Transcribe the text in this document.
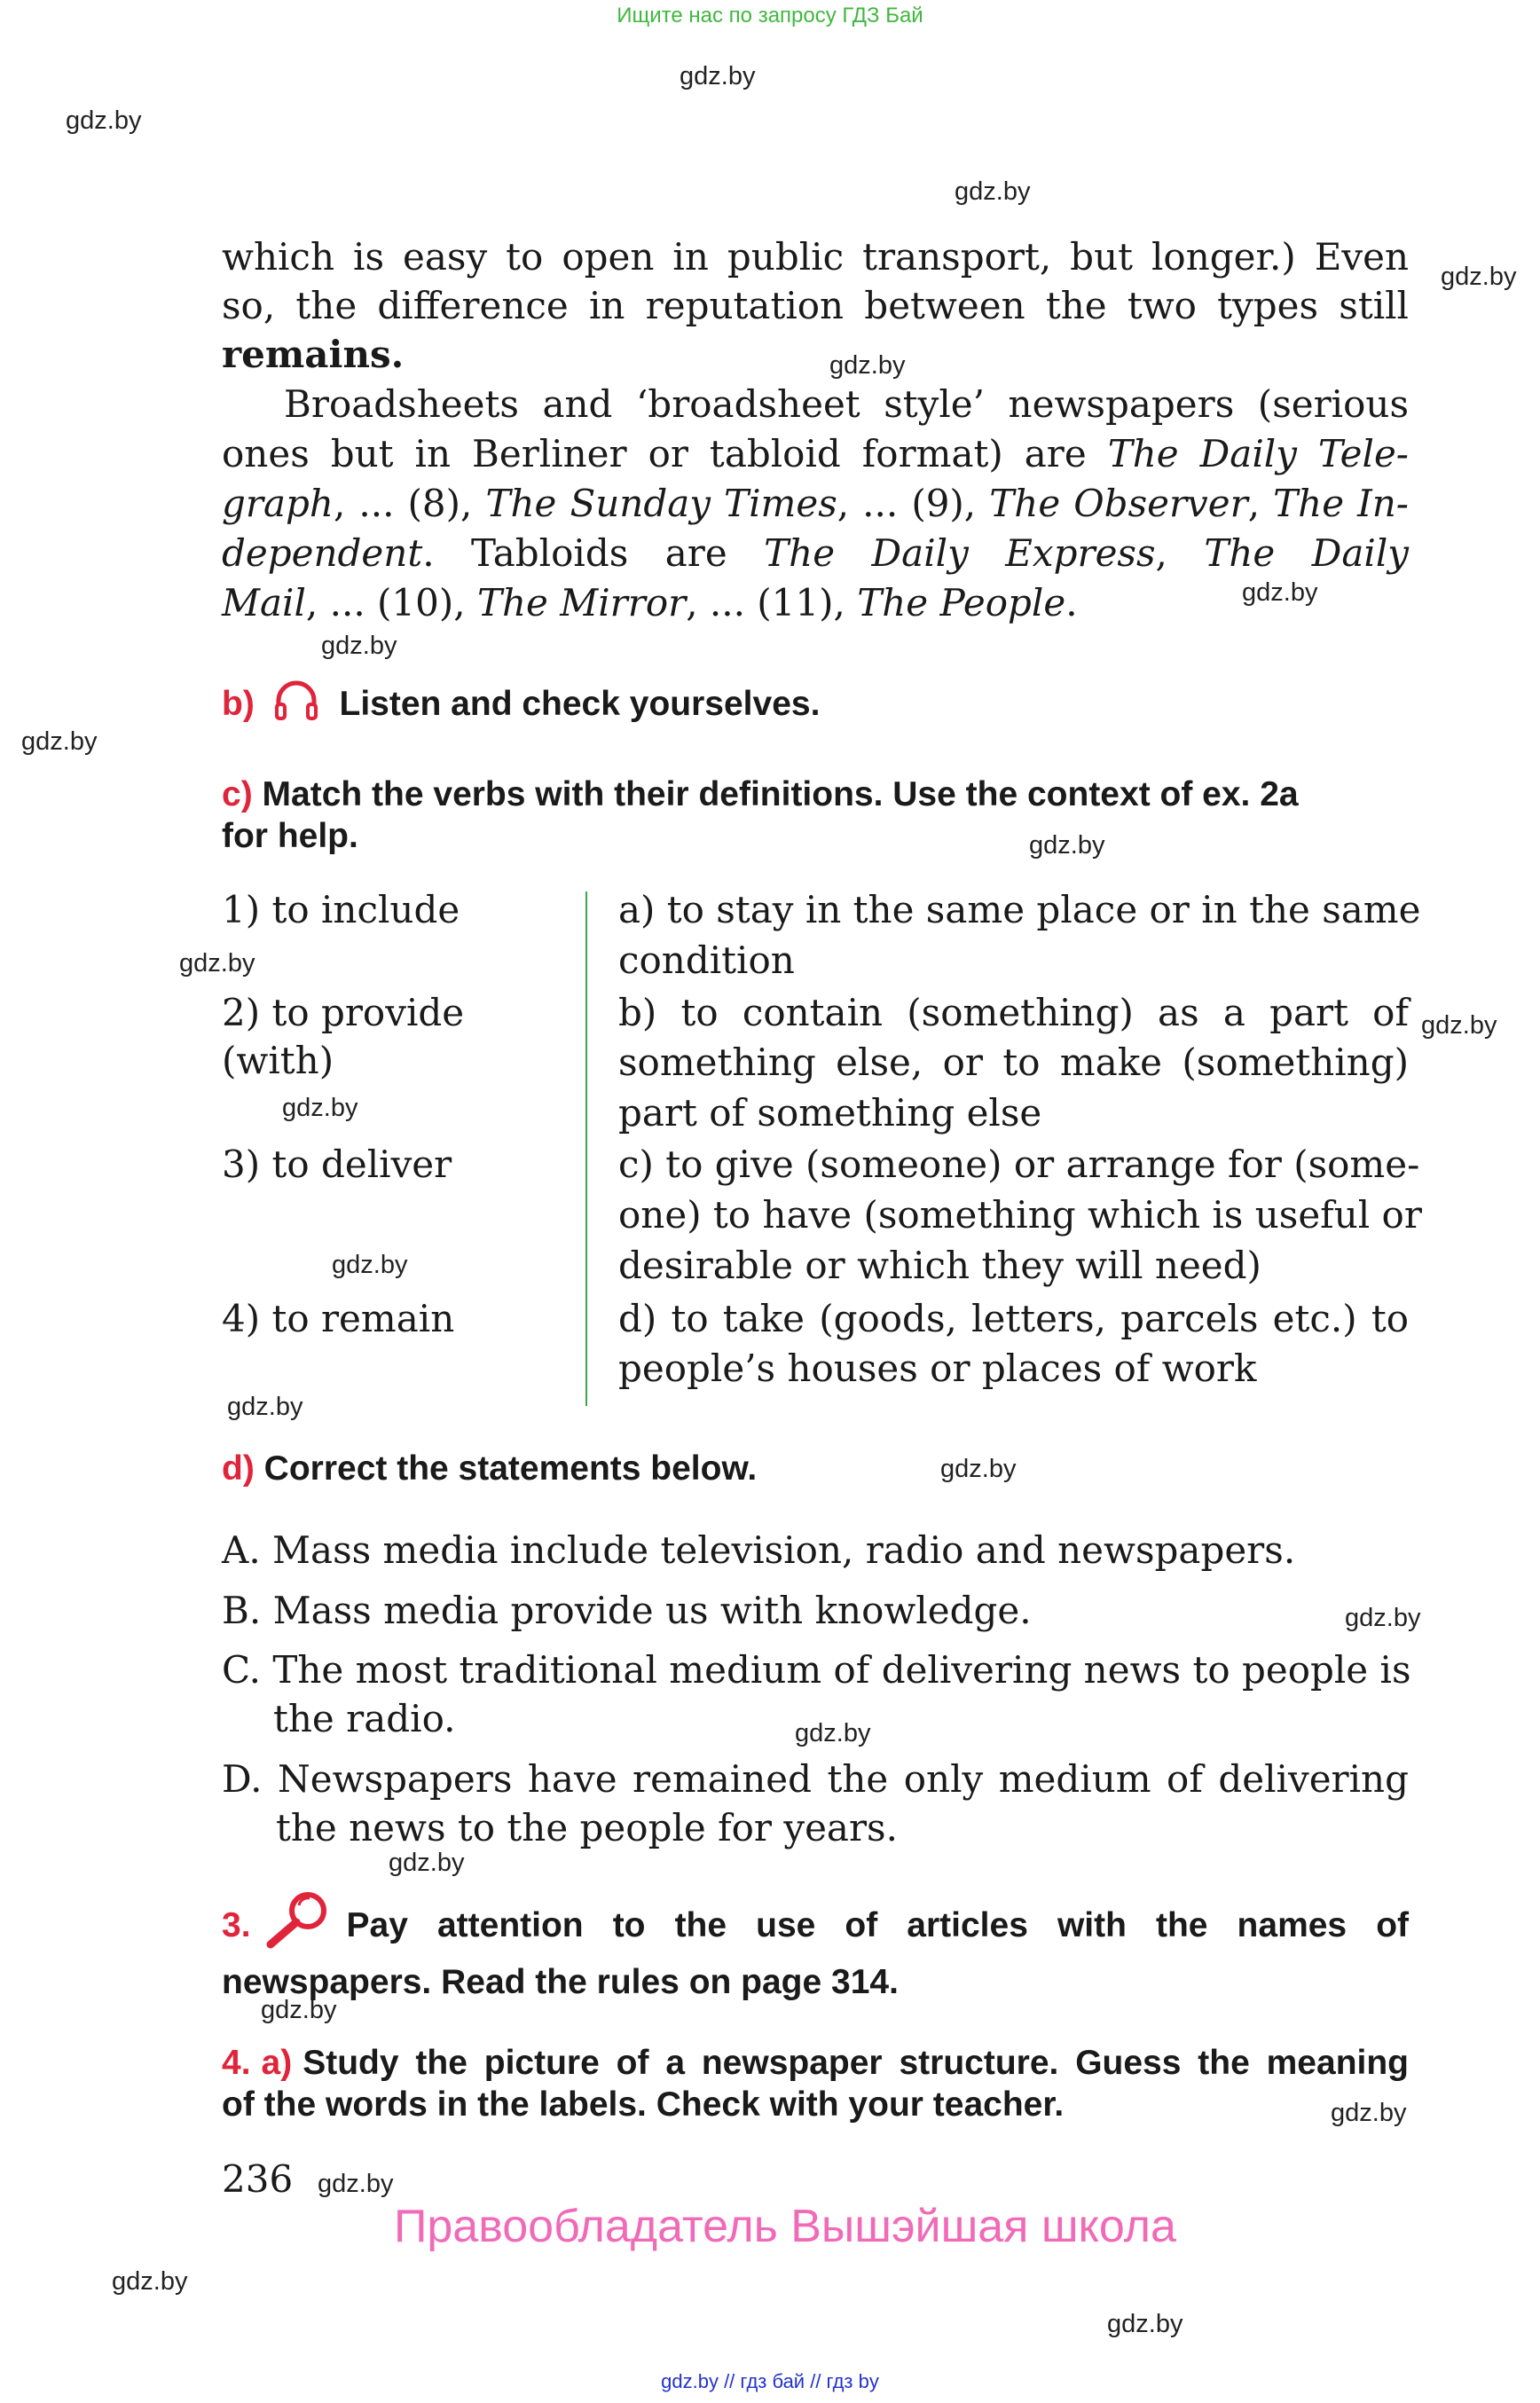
Ищите нас по запросу ГДЗ Бай
gdz.by
gdz.by
gdz.by
gdz.by
gdz.by
gdz.by
gdz.by
gdz.by
gdz.by
gdz.by
gdz.by
gdz.by
gdz.by
gdz.by
gdz.by
gdz.by
gdz.by
gdz.by
gdz.by
gdz.by
gdz.by
gdz.by
gdz.by
which is easy to open in public transport, but longer.) Even
so, the difference in reputation between the two types still
remains.
Broadsheets and ‘broadsheet style’ newspapers (serious
ones but in Berliner or tabloid format) are The Daily Tele-
graph, ... (8), The Sunday Times, ... (9), The Observer, The In-
dependent. Tabloids are The Daily Express, The Daily
Mail, ... (10), The Mirror, ... (11), The People.
b) Listen and check yourselves.
c) Match the verbs with their definitions. Use the context of ex. 2a
for help.
1) to include
2) to provide
(with)
3) to deliver
4) to remain
a) to stay in the same place or in the same
condition
b) to contain (something) as a part of
something else, or to make (something)
part of something else
c) to give (someone) or arrange for (some-
one) to have (something which is useful or
desirable or which they will need)
d) to take (goods, letters, parcels etc.) to
people’s houses or places of work
d) Correct the statements below.
A. Mass media include television, radio and newspapers.
B. Mass media provide us with knowledge.
C. The most traditional medium of delivering news to people is
the radio.
D. Newspapers have remained the only medium of delivering
the news to the people for years.
3.	Pay attention to the use of articles with the names of
newspapers. Read the rules on page 314.
4. a) Study the picture of a newspaper structure. Guess the meaning
of the words in the labels. Check with your teacher.
236
Правообладатель Вышэйшая школа
gdz.by // гдз бай // гдз by
